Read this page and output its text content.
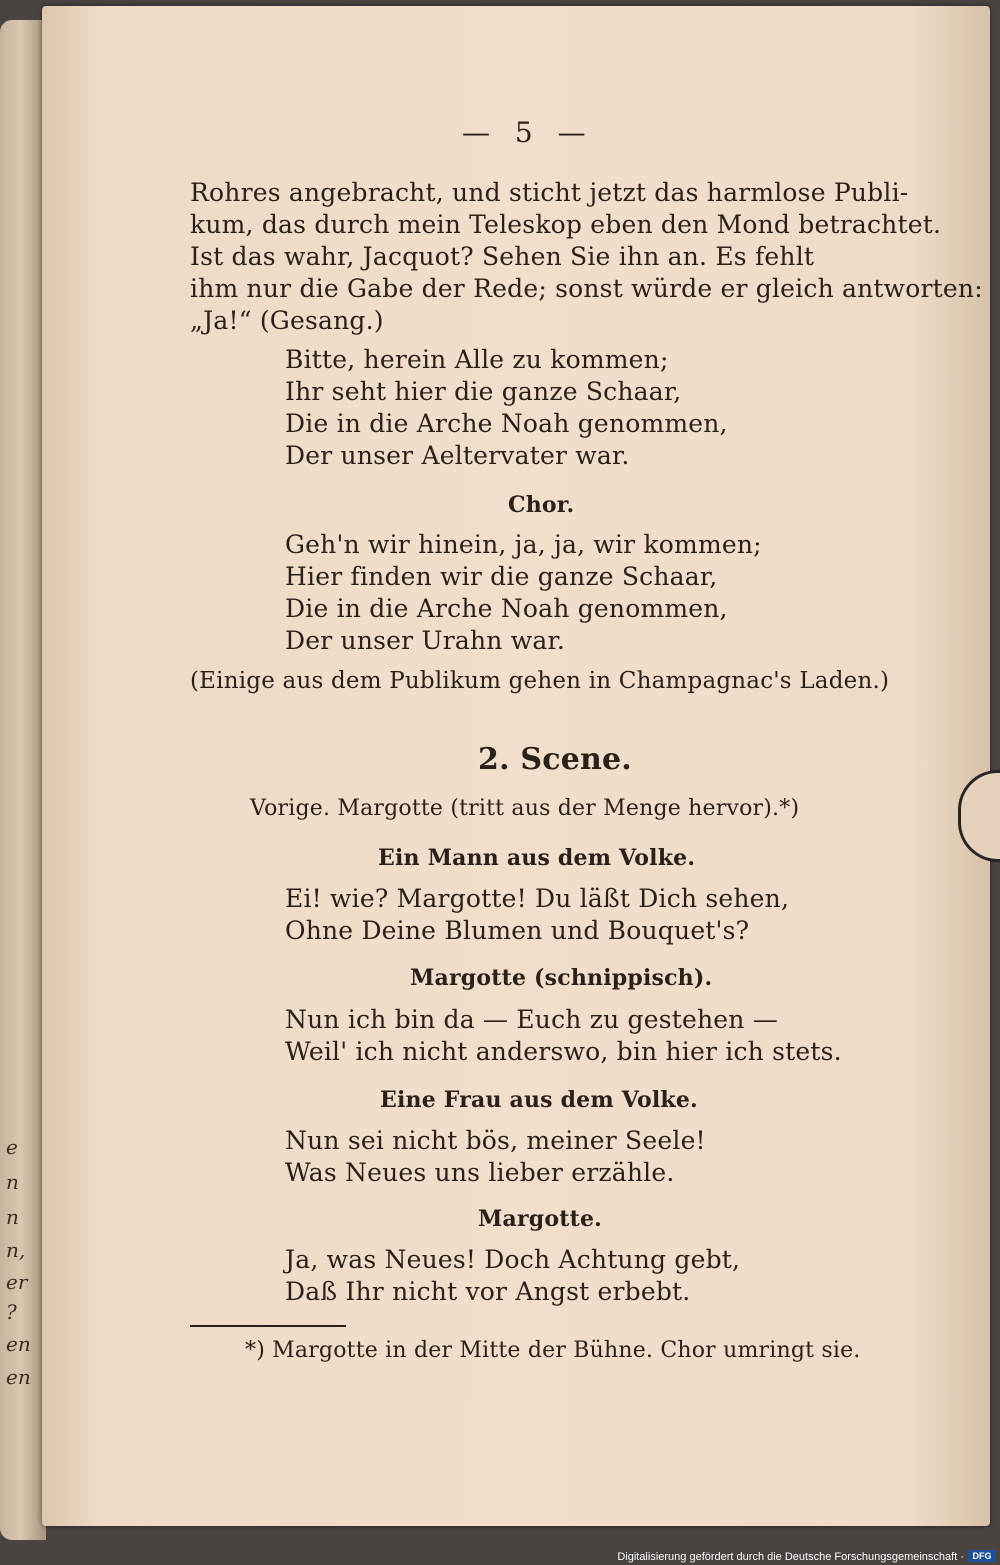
e
n
n
n,
er
?
en
en
— 5 —
Rohres angebracht, und sticht jetzt das harmlose Publi-
kum, das durch mein Teleskop eben den Mond betrachtet.
Ist das wahr, Jacquot? Sehen Sie ihn an. Es fehlt
ihm nur die Gabe der Rede; sonst würde er gleich antworten:
„Ja!“ (Gesang.)
Bitte, herein Alle zu kommen;
Ihr seht hier die ganze Schaar,
Die in die Arche Noah genommen,
Der unser Aeltervater war.
Chor.
Geh'n wir hinein, ja, ja, wir kommen;
Hier finden wir die ganze Schaar,
Die in die Arche Noah genommen,
Der unser Urahn war.
(Einige aus dem Publikum gehen in Champagnac's Laden.)
2. Scene.
Vorige. Margotte (tritt aus der Menge hervor).*)
Ein Mann aus dem Volke.
Ei! wie? Margotte! Du läßt Dich sehen,
Ohne Deine Blumen und Bouquet's?
Margotte (schnippisch).
Nun ich bin da — Euch zu gestehen —
Weil' ich nicht anderswo, bin hier ich stets.
Eine Frau aus dem Volke.
Nun sei nicht bös, meiner Seele!
Was Neues uns lieber erzähle.
Margotte.
Ja, was Neues! Doch Achtung gebt,
Daß Ihr nicht vor Angst erbebt.
*) Margotte in der Mitte der Bühne. Chor umringt sie.
Digitalisierung gefördert durch die Deutsche Forschungsgemeinschaft · DFG
